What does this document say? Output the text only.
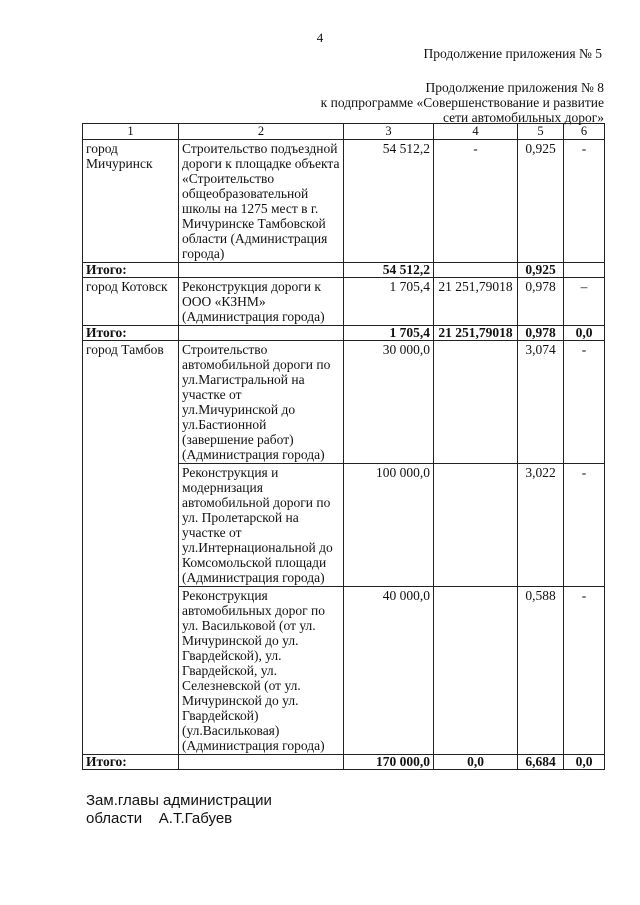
4
Продолжение приложения № 5
Продолжение приложения № 8
к подпрограмме «Совершенствование и развитие
сети автомобильных дорог»
1	2	3	4	5	6
город Мичуринск	Строительство подъездной дороги к площадке объекта «Строительство общеобразовательной школы на 1275 мест в г. Мичуринске Тамбовской области (Администрация города)	54 512,2	-	0,925	-
Итого:		54 512,2		0,925	
город Котовск	Реконструкция дороги к ООО «КЗНМ» (Администрация города)	1 705,4	21 251,79018	0,978	–
Итого:		1 705,4	21 251,79018	0,978	0,0
город Тамбов	Строительство автомобильной дороги по ул.Магистральной на участке от ул.Мичуринской до ул.Бастионной (завершение работ) (Администрация города)	30 000,0		3,074	-
	Реконструкция и модернизация автомобильной дороги по ул. Пролетарской на участке от ул.Интернациональной до Комсомольской площади (Администрация города)	100 000,0		3,022	-
	Реконструкция автомобильных дорог по ул. Васильковой (от ул. Мичуринской до ул. Гвардейской), ул. Гвардейской, ул. Селезневской (от ул. Мичуринской до ул. Гвардейской) (ул.Васильковая) (Администрация города)	40 000,0		0,588	-
Итого:		170 000,0	0,0	6,684	0,0
Зам.главы администрации
области    А.Т.Габуев
